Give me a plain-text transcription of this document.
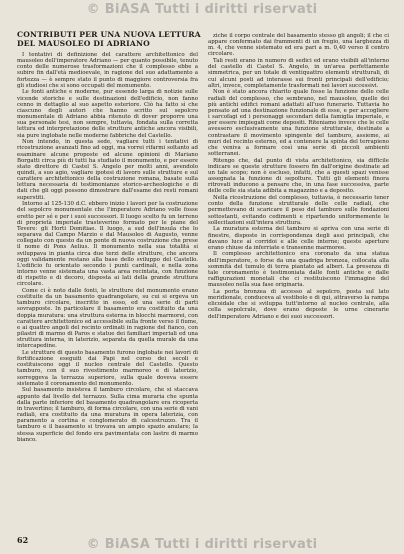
© BiASA Tutti i diritti riservati
CONTRIBUTI PER UNA NUOVA LETTURA DEL MAUSOLEO DI ADRIANO

I tentativi di definizione del carattere architettonico del mausoleo dell'imperatore Adriano — per quanto possibile, tenuto conto delle numerose trasformazioni che il complesso ebbe a subire fin dall'età medioevale, in ragione del suo adattamento a fortezza — è sempre stato il punto di maggiore controversia fra gli studiosi che si sono occupati del monumento.

Le fonti antiche e moderne, pur essendo larga di notizie sulle vicende storiche e sulle destinazioni dell'edificio, non fanno cenno in dettaglio al suo aspetto esteriore. Ciò ha fatto sì che ciascuno degli autori che hanno scritto sul sepolcro monumentale di Adriano abbia ritenuto di dover proporre una sua personale tesi, non sempre, tuttavia, fondata sulla corretta lettura ed interpretazione delle strutture antiche ancora visibili, sia pure inglobate nelle moderne fabbriche del Castello.

Non intendo, in questa sede, vagliare tutti i tentativi di ricostruzione avanzati fino ad oggi, ma vorrei rifarmi soltanto ad esaminare alcune proposte ed alcune opinioni di Mariano Borgatti circa più di tutti ha studiato il monumento, e per essere stato direttore di Castel S. Angelo per molti anni, avendolo quindi, a suo agio, vagliare ipotesi di lavoro sulle strutture e sul carattere architettonico della costruzione romana, basate sulla lettura necessaria di testimonianze storico-archeologiche e di dati che gli oggi possono dimostrare dall'esame dei resti romani superstiti.

Intorno al 125-130 d.C. ebbero inizio i lavori per la costruzione del sepolcro monumentale che l'imperatore Adriano volle fosse eretto per sé e per i suoi successori. Il luogo scelto fu un terreno di proprietà imperiale trasteverino formato per le piane del Tevere: gli Horti Domitiae. Il luogo, a sud dell'insula che lo separava dal Campo Marzio e dal Mausoleo di Augusto, venne collegato con questo da un ponte di nuova costruzione che prese il nome di Pons Aelius. Il monumento nella sua totalità si sviluppava in pianta circa due terzi delle strutture, che ancora oggi validamente restano alla base dello sviluppo del Castello. L'edificio fu orientato secondo i punti cardinali, e nella zona intorno venne sistemata una vasta area recintata, con funzione di rispetto e di decoro, disposta ai lati della grande struttura circolare.

Come ci è noto dalle fonti, le strutture del monumento erano costituite da un basamento quadrangolare, su cui si ergeva un tamburo circolare, inscritto in esso, ed una serie di parti sovrapposte. In particolare il basamento era costituito da una doppia muratura: una struttura esterna in blocchi marmorei, con carattere architettonico ed accessibile sulla fronte verso il fiume, e ai quattro angoli del recinto ordinati in ragione del fianco, con pilastri di marmo di Paros e statue dei familiari imperiali ed una struttura interna, in laterizio, separata da quella murale da una intercapedine.

Le strutture di questo basamento furono inglobate nei lavori di fortificazione eseguiti dai Papi nel corso dei secoli e costituiscono oggi il nucleo centrale del Castello. Questo tamburo, con il suo rivestimento marmoreo e di laterizio, sorreggeva la terrazza superiore, sulla quale doveva essere sistemato il coronamento del monumento.

Sul basamento insisteva il tamburo circolare, che si staccava appunto dal livello del terrazzo. Sulla cima muraria che spunta dalla parte inferiore del basamento quadrangolare era ricoperta in travertino; il tamburo, di forma circolare, con una serie di vani radiali, era costituito da una muratura in opera laterizia, con paramento a cortina e conglomerato di calcestruzzo. Tra il tamburo e il basamento si trovava un ampio spazio anulare; la stessa superficie del fondo era pavimentata con lastre di marmo bianco.

ziche il corpo centrale del basamento stesso gli angoli; il che ci appare confermato dai frammenti di un fregio, una larghezza di m. 4, che venne sistemato ed era pari a m. 0,40 verso il centro circolare.

Tali resti erano in numero di sedici ed erano visibili all'interno del castello di Castel S. Angelo, in un'area perfettamente simmetrica, per un totale di ventiquattro elementi strutturali, di cui alcuni posti ad interasse sui fronti principali dell'edificio; altri, invece, completamente trasformati nei lavori successivi.

Non è stato ancora chiarito quale fosse la funzione delle celle radiali del complesso, che sembrano, nel mausoleo, quelle dei più antichi edifici romani adattati all'uso funerario. Tuttavia ho pensato ad una destinazione funzionale di esse, e per accogliere i sarcofagi ed i personaggi secondari della famiglia imperiale, e per essere impiegati come depositi. Riteniamo invece che le celle avessero esclusivamente una funzione strutturale, destinate a contrastare il movimento spingente del tamburo, assieme, ai muri del recinto esterno, ed a contenere la spinta del terrapieno che veniva a formare così una serie di piccoli ambienti sotterranei.

Ritengo che, dal punto di vista architettonico, sia difficile indicare se queste strutture fossero fin dall'origine destinate ad un tale scopo; non è escluso, infatti, che a questi spazi venisse assegnata la funzione di sepolture. Tutti gli elementi finora ritrovati inducono a pensare che, in una fase successiva, parte delle celle sia stata adibita a magazzino e a deposito.

Nella ricostruzione del complesso, tuttavia, è necessario tener conto della funzione strutturale delle celle radiali, che permettevano di scaricare il peso del tamburo sulle fondazioni sottostanti, evitando cedimenti e ripartendo uniformemente le sollecitazioni sull'intera struttura.

La muratura esterna del tamburo si apriva con una serie di finestre, disposte in corrispondenza degli assi principali, che davano luce ai corridoi e alle celle interne; queste aperture erano chiuse da inferriate e transenne marmoree.

Il complesso architettonico era coronato da una statua dell'imperatore, o forse da una quadriga bronzea, collocata alla sommità del tumulo di terra piantato ad alberi. La presenza di tale coronamento è testimoniata dalle fonti antiche e dalle raffigurazioni monetali che ci restituiscono l'immagine del mausoleo nella sua fase originaria.

La porta bronzea di accesso al sepolcro, posta sul lato meridionale, conduceva al vestibolo e di qui, attraverso la rampa elicoidale che si sviluppa tutt'intorno al nucleo centrale, alla cella sepolcrale, dove erano deposte le urne cinerarie dell'imperatore Adriano e dei suoi successori.

62	© BiASA Tutti i diritti riservati
